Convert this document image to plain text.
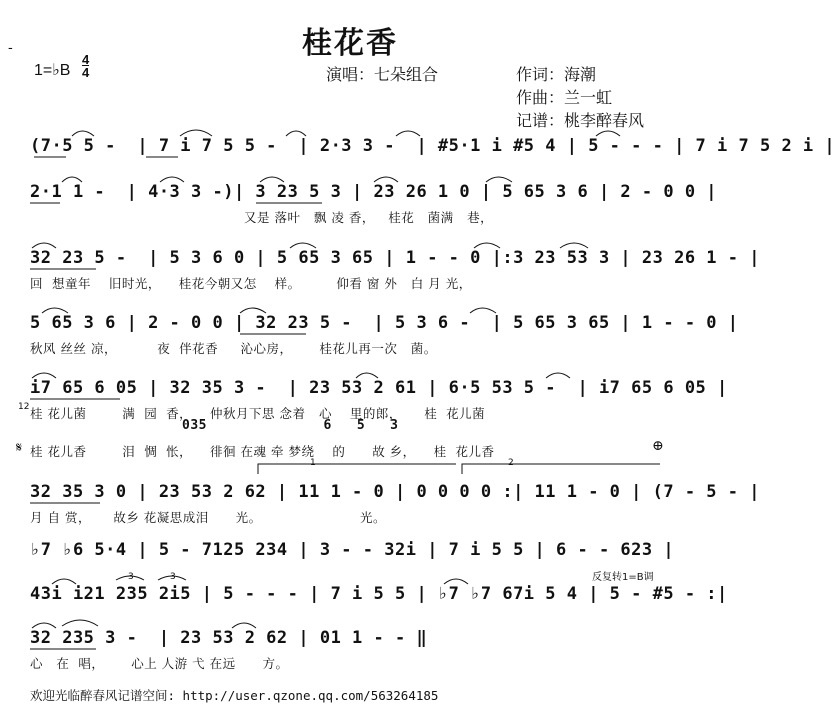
-	桂花香
1=♭B
4
4	演唱：七朵组合	作词：海潮
作曲：兰一虹
记谱：桃李醉春风
(7·5 5 -  | 7 i 7 5 5 -  | 2·3 3 -  | #5·1 i #5 4 | 5 - - - | 7 i 7 5 2 i |
2·1 1 -  | 4·3 3 -)| 3 23 5 3 | 23 26 1 0 | 5 65 3 6 | 2 - 0 0 |
又是 落叶   飘 凌 香，   桂花   菌满   巷，
32 23 5 -  | 5 3 6 0 | 5 65 3 65 | 1 - - 0 |:3 23 53 3 | 23 26 1 - |
回  想童年    旧时光，    桂花今朝又怎    样。        仰看 窗 外   白 月 光，
5 65 3 6 | 2 - 0 0 | 32 23 5 -  | 5 3 6 -  | 5 65 3 65 | 1 - - 0 |
秋风 丝丝 凉，         夜  伴花香     沁心房，      桂花儿再一次   菌。
i7 65 6 05 | 32 35 3 -  | 23 53 2 61 | 6·5 53 5 -  | i7 65 6 05 |
12 桂 花儿菌        满  园  香，    仲秋月下思 念着   心    里的郎，     桂  花儿菌
035              6   5   3
𝄋 桂 花儿香        泪  惆  怅，    徘徊 在魂 牵 梦绕    的      故 乡，    桂  花儿香	⊕
1	2
32 35 3 0 | 23 53 2 62 | 11 1 - 0 | 0 0 0 0 :| 11 1 - 0 | (7 - 5 - |
月 自 赏，     故乡 花凝思成泪      光。                      光。
♭7 ♭6 5·4 | 5 - 7125 234 | 3 - - 32i | 7 i 5 5 | 6 - - 623 |
反复转1=B调
3	3
43i i21 235 2i5 | 5 - - - | 7 i 5 5 | ♭7 ♭7 67i 5 4 | 5 - #5 - :|
32 235 3 -  | 23 53 2 62 | 01 1 - - ‖
心   在  唱，      心上 人游 弋 在远      方。
欢迎光临醉春风记谱空间: http://user.qzone.qq.com/563264185
